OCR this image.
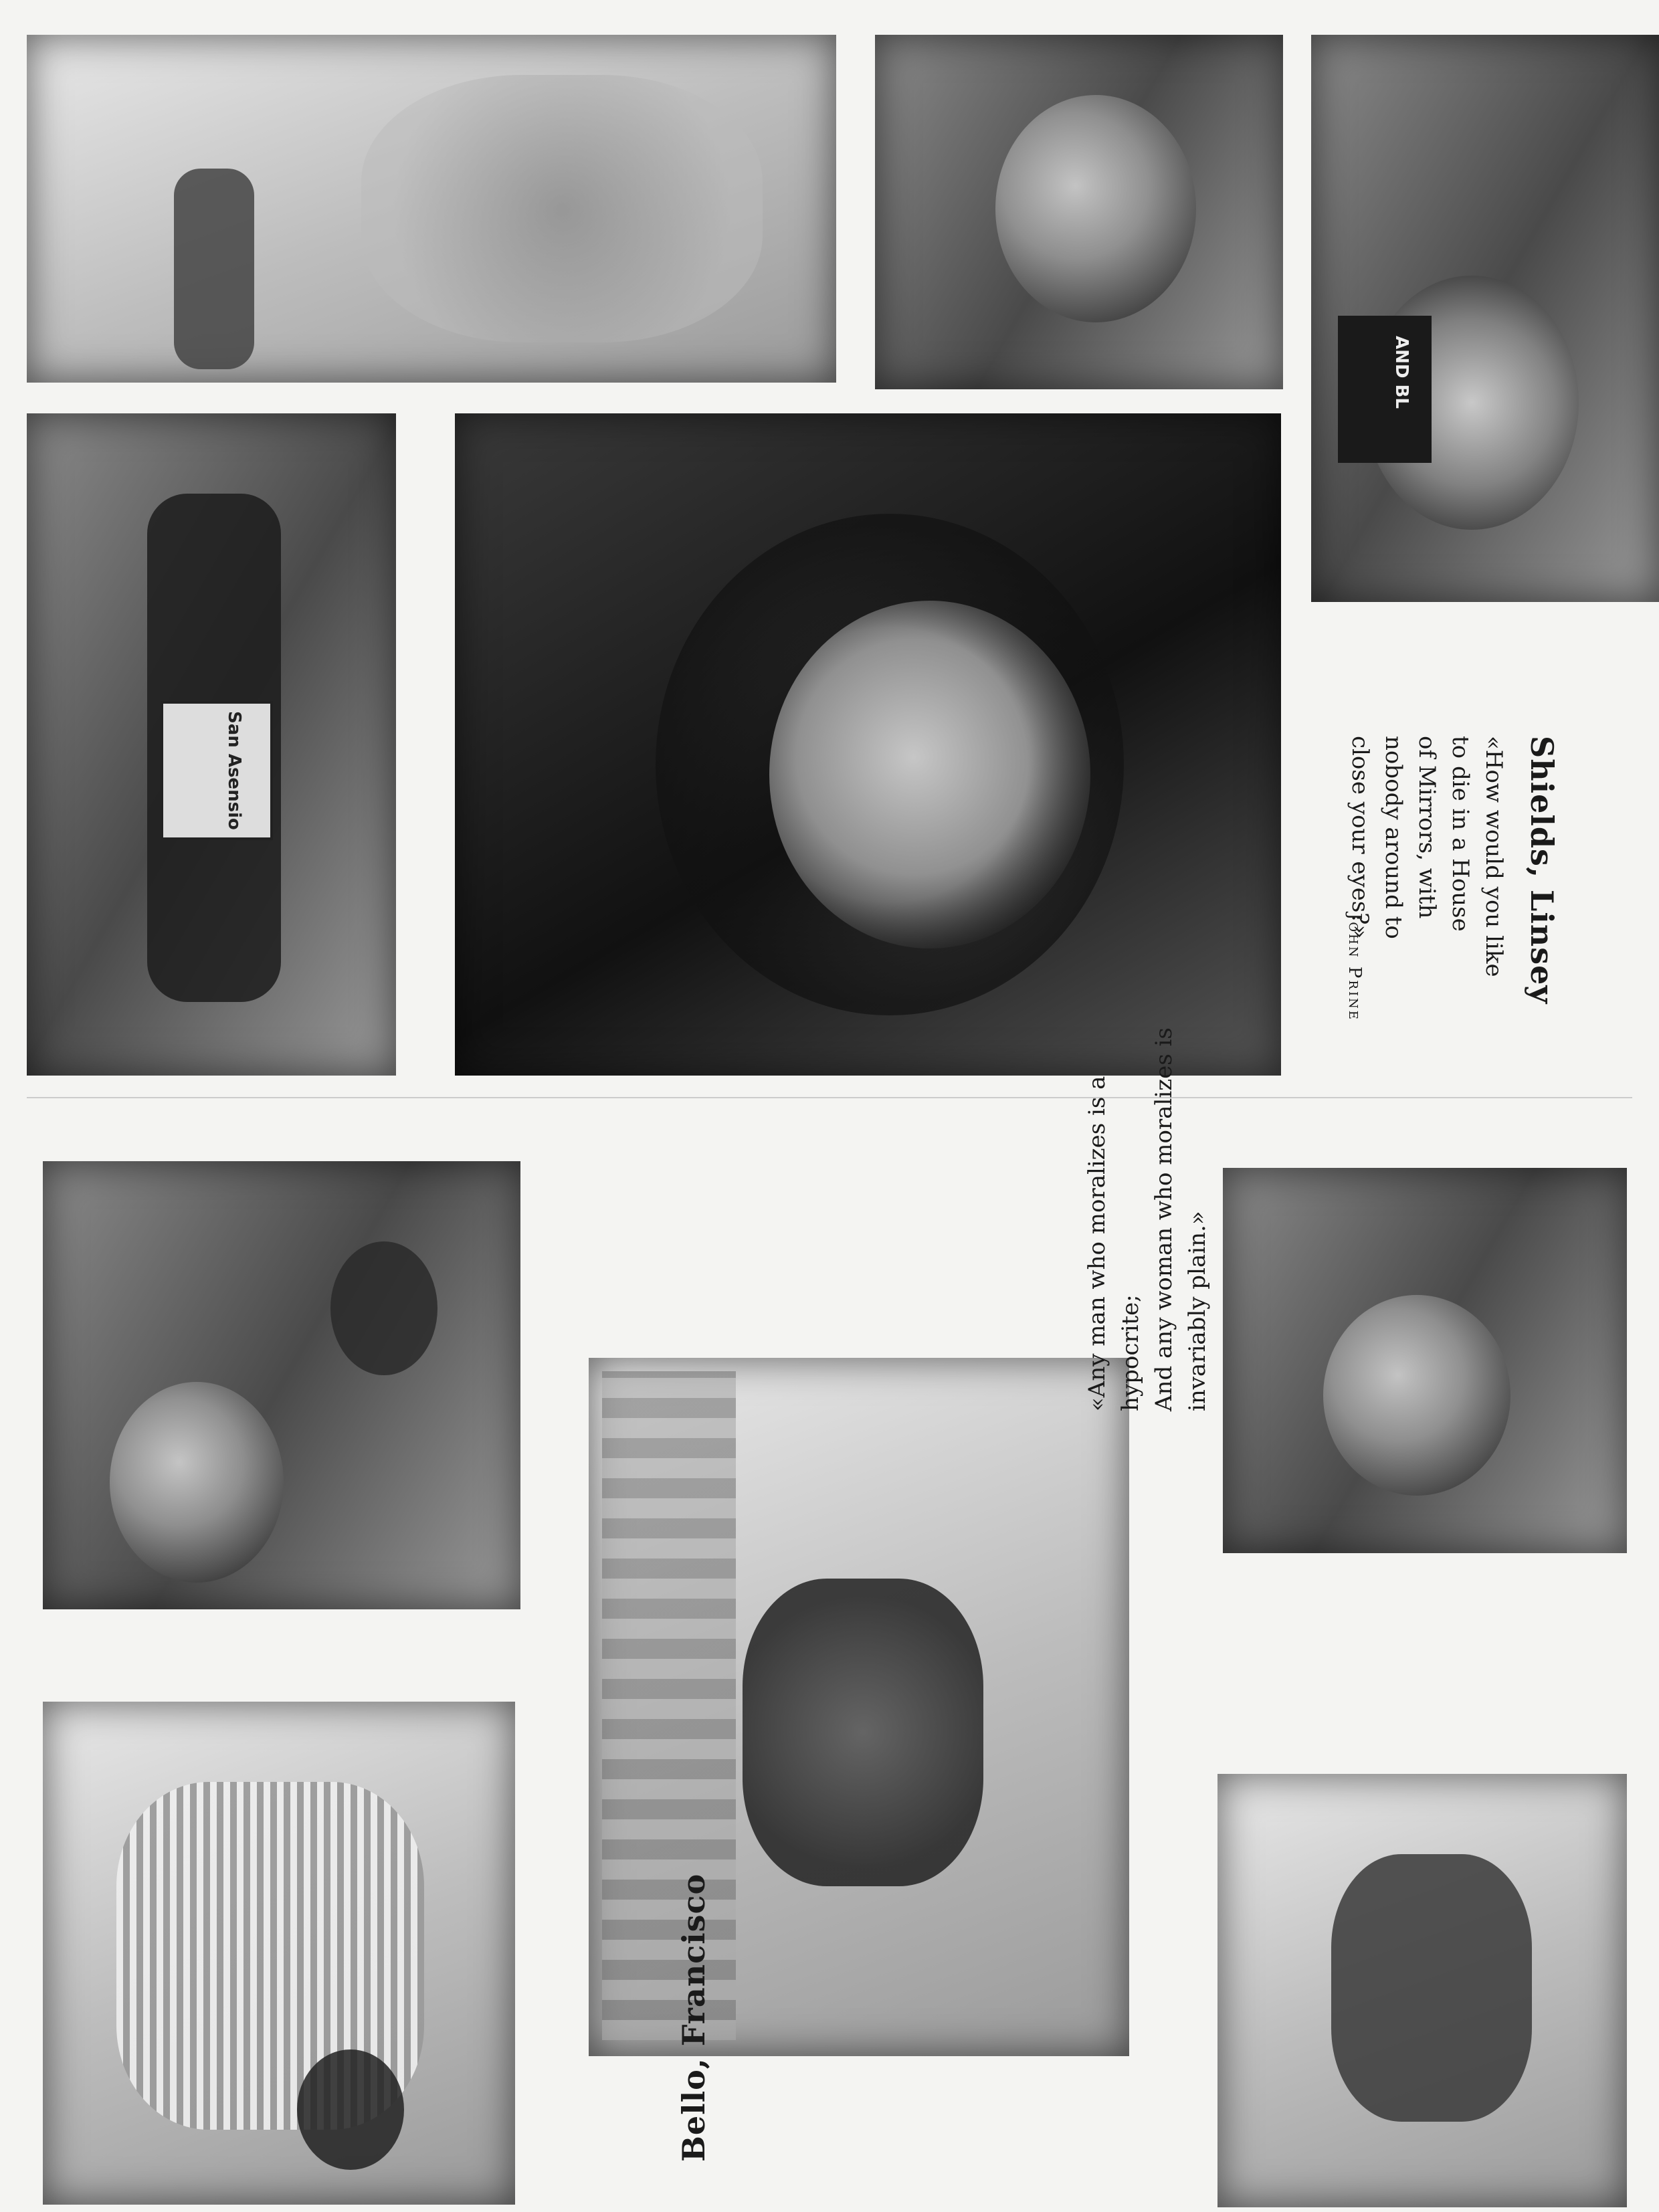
San Asensio
AND BL
Shields, Linsey
«How would you like
to die in a House
of Mirrors, with
nobody around to
close your eyes?»
John Prine
Bello, Francisco
«Any man who moralizes is a hypocrite; And any woman who moralizes is invariably plain.»
